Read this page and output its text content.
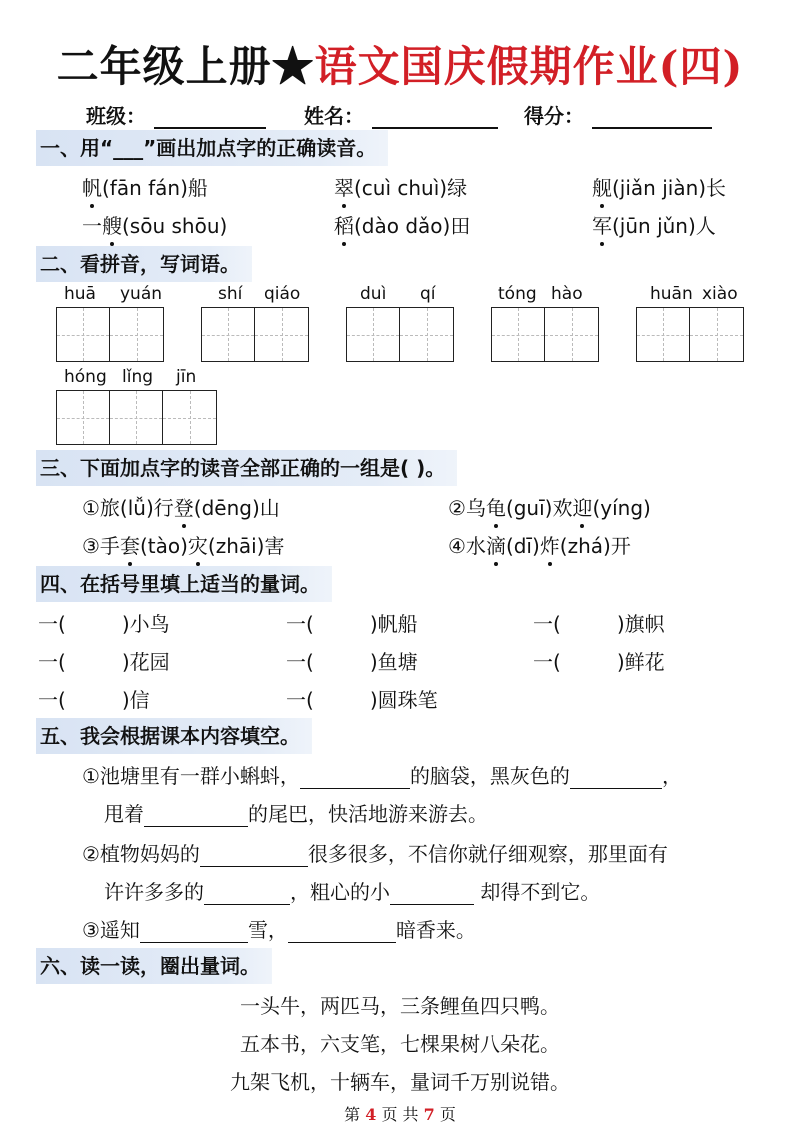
二年级上册★语文国庆假期作业(四)
班级：	姓名：	得分：
一、用“___”画出加点字的正确读音。
帆(fān fán)船	翠(cuì chuì)绿	舰(jiǎn jiàn)长
一艘(sōu shōu)	稻(dào dǎo)田	军(jūn jǔn)人
二、看拼音，写词语。
huā yuán	shí qiáo	duì qí	tóng hào	huān xiào
hóng lǐng jīn
三、下面加点字的读音全部正确的一组是( )。
①旅(lǚ)行登(dēng)山	②乌龟(guī)欢迎(yíng)
③手套(tào)灾(zhāi)害	④水滴(dī)炸(zhá)开
四、在括号里填上适当的量词。
一(	)小鸟	一(	)帆船	一(	)旗帜
一(	)花园	一(	)鱼塘	一(	)鲜花
一(	)信	一(	)圆珠笔
五、我会根据课本内容填空。
①池塘里有一群小蝌蚪，	的脑袋，黑灰色的	，
甩着	的尾巴，快活地游来游去。
②植物妈妈的	很多很多，不信你就仔细观察，那里面有
许许多多的	，粗心的小	却得不到它。
③遥知	雪，	暗香来。
六、读一读，圈出量词。
一头牛，两匹马，三条鲤鱼四只鸭。
五本书，六支笔，七棵果树八朵花。
九架飞机，十辆车，量词千万别说错。
第 4 页 共 7 页
